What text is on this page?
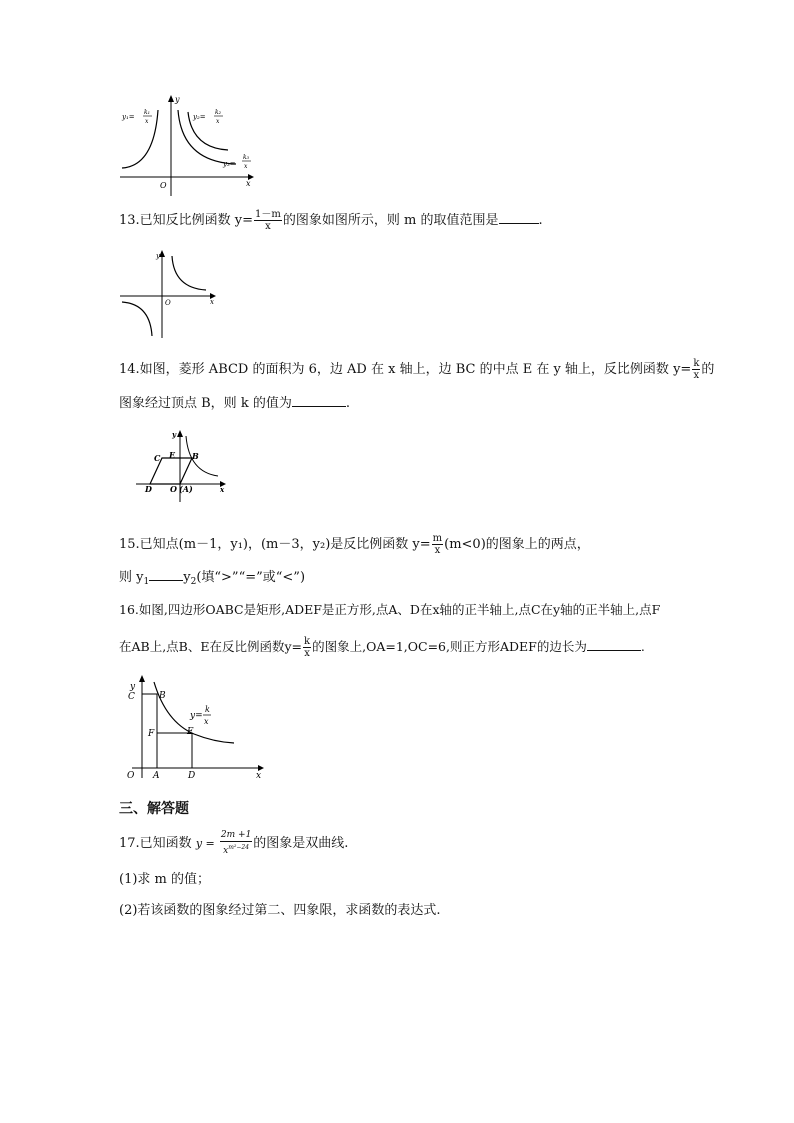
y
x
O
y₁=
k₁
x
y₂=
k₂
x
y₃=
k₃
x
13.已知反比例函数 $y= \frac{1-m}{x}$ 的图象如图所示，则 m 的取值范围是	.
y
x
O
14.如图，菱形 ABCD 的面积为 6，边 AD 在 x 轴上，边 BC 的中点 E 在 y 轴上，反比例函数 $y= \frac{k}{x}$ 的
图象经过顶点 B，则 k 的值为	.
y
x
C E B
D O (A)
15.已知点(m－1，y₁)，(m－3，y₂)是反比例函数 $y= \frac{m}{x} (m<0)$的图象上的两点，
则 $y_1$	$y_2$(填“>”“=”或“<”)
16.如图,四边形OABC是矩形,ADEF是正方形,点A、D在x轴的正半轴上,点C在y轴的正半轴上,点F
在AB上,点B、E在反比例函数$y= \frac{k}{x}$ 的图象上,OA=1,OC=6,则正方形ADEF的边长为	.
y
x
C	B
F	E
O A	D
y=
k
x
三、解答题
17.已知函数 $y = \frac{2m +1}{x^{m^2-24}}$ 的图象是双曲线.
(1)求 m 的值；
(2)若该函数的图象经过第二、四象限，求函数的表达式.
